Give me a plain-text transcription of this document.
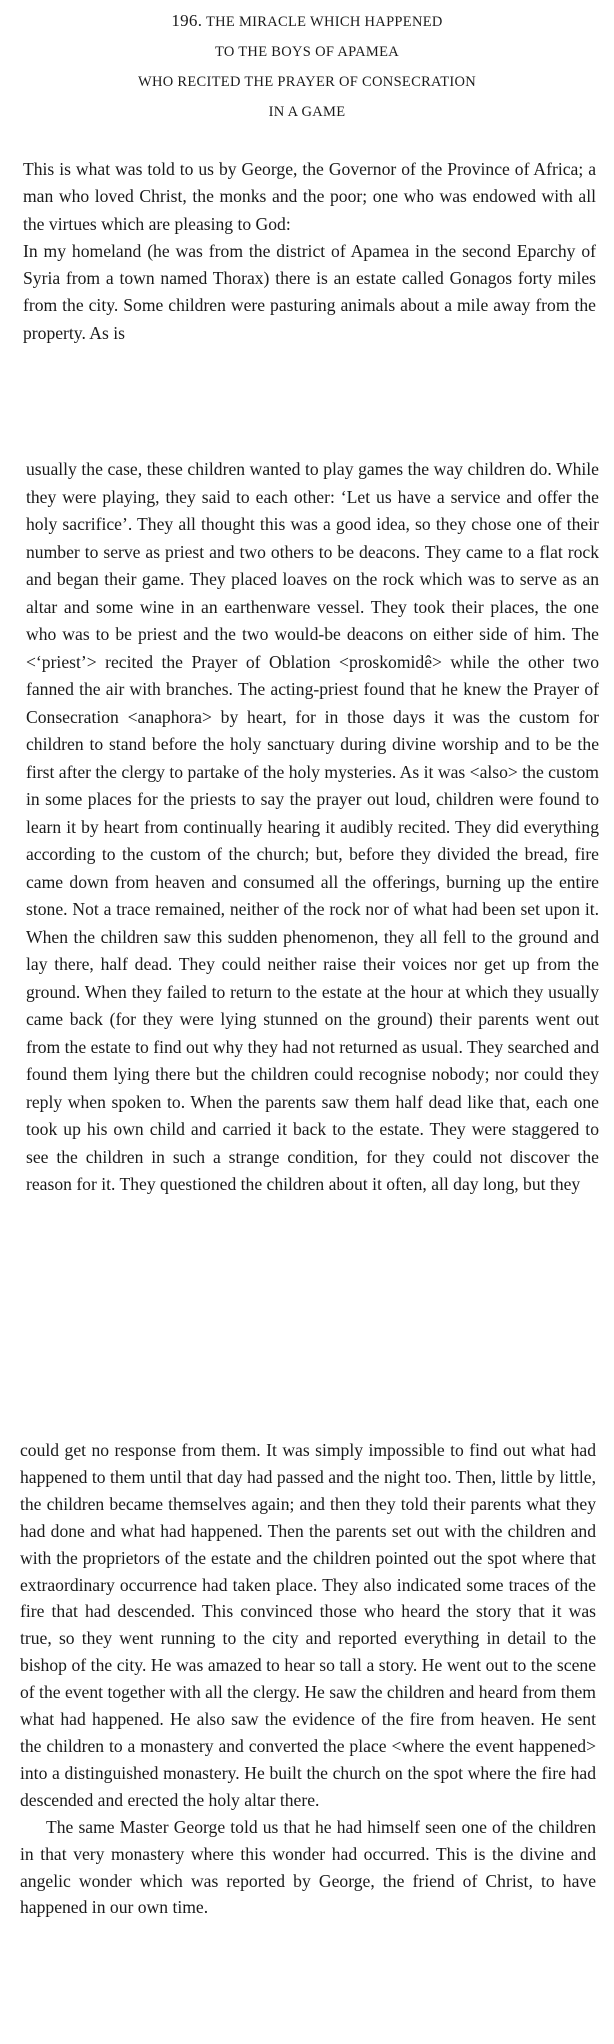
196. THE MIRACLE WHICH HAPPENED
TO THE BOYS OF APAMEA
WHO RECITED THE PRAYER OF CONSECRATION
IN A GAME

This is what was told to us by George, the Governor of the Province of Africa; a man who loved Christ, the monks and the poor; one who was endowed with all the virtues which are pleasing to God:

In my homeland (he was from the district of Apamea in the second Eparchy of Syria from a town named Thorax) there is an estate called Gonagos forty miles from the city. Some children were pasturing animals about a mile away from the property. As is

usually the case, these children wanted to play games the way children do. While they were playing, they said to each other: ‘Let us have a service and offer the holy sacrifice’. They all thought this was a good idea, so they chose one of their number to serve as priest and two others to be deacons. They came to a flat rock and began their game. They placed loaves on the rock which was to serve as an altar and some wine in an earthenware vessel. They took their places, the one who was to be priest and the two would-be deacons on either side of him. The <‘priest’> recited the Prayer of Oblation <proskomidê> while the other two fanned the air with branches. The acting-priest found that he knew the Prayer of Consecration <anaphora> by heart, for in those days it was the custom for children to stand before the holy sanctuary during divine worship and to be the first after the clergy to partake of the holy mysteries. As it was <also> the custom in some places for the priests to say the prayer out loud, children were found to learn it by heart from continually hearing it audibly recited. They did everything according to the custom of the church; but, before they divided the bread, fire came down from heaven and consumed all the offerings, burning up the entire stone. Not a trace remained, neither of the rock nor of what had been set upon it. When the children saw this sudden phenomenon, they all fell to the ground and lay there, half dead. They could neither raise their voices nor get up from the ground. When they failed to return to the estate at the hour at which they usually came back (for they were lying stunned on the ground) their parents went out from the estate to find out why they had not returned as usual. They searched and found them lying there but the children could recognise nobody; nor could they reply when spoken to. When the parents saw them half dead like that, each one took up his own child and carried it back to the estate. They were staggered to see the children in such a strange condition, for they could not discover the reason for it. They questioned the children about it often, all day long, but they

could get no response from them. It was simply impossible to find out what had happened to them until that day had passed and the night too. Then, little by little, the children became themselves again; and then they told their parents what they had done and what had happened. Then the parents set out with the children and with the proprietors of the estate and the children pointed out the spot where that extraordinary occurrence had taken place. They also indicated some traces of the fire that had descended. This convinced those who heard the story that it was true, so they went running to the city and reported everything in detail to the bishop of the city. He was amazed to hear so tall a story. He went out to the scene of the event together with all the clergy. He saw the children and heard from them what had happened. He also saw the evidence of the fire from heaven. He sent the children to a monastery and converted the place <where the event happened> into a distinguished monastery. He built the church on the spot where the fire had descended and erected the holy altar there.

The same Master George told us that he had himself seen one of the children in that very monastery where this wonder had occurred. This is the divine and angelic wonder which was reported by George, the friend of Christ, to have happened in our own time.
